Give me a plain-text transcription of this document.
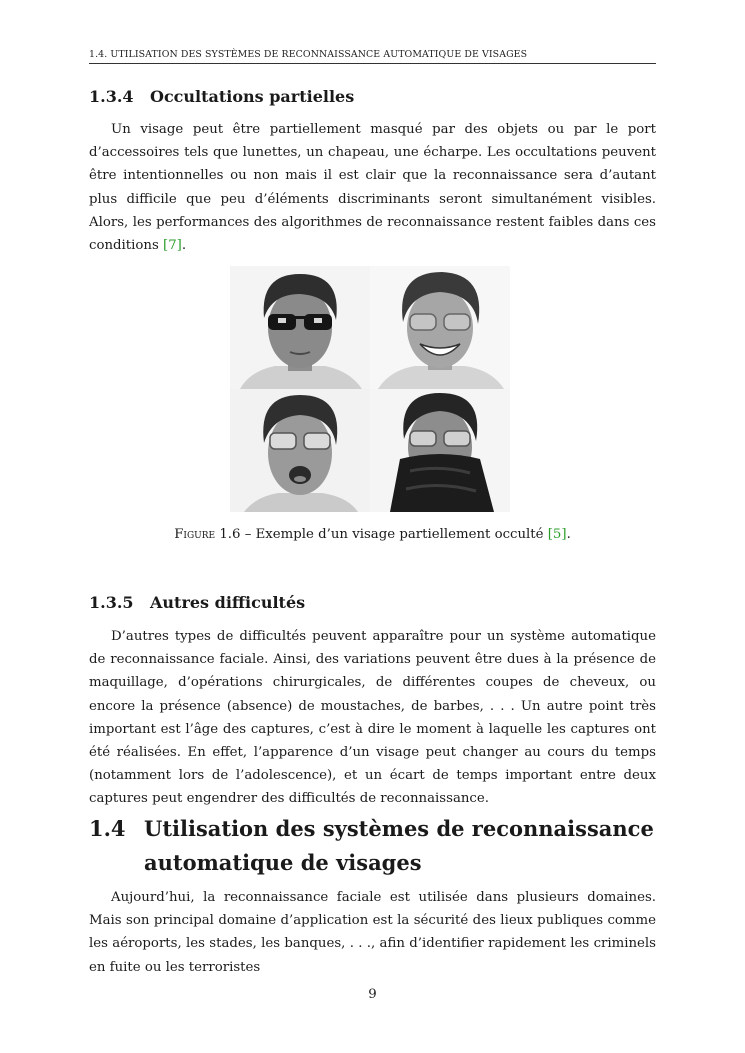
1.4. UTILISATION DES SYSTÈMES DE RECONNAISSANCE AUTOMATIQUE DE VISAGES
1.3.4 Occultations partielles

Un visage peut être partiellement masqué par des objets ou par le port d’accessoires tels que lunettes, un chapeau, une écharpe. Les occultations peuvent être intentionnelles ou non mais il est clair que la reconnaissance sera d’autant plus difficile que peu d’éléments discriminants seront simultanément visibles. Alors, les performances des algorithmes de reconnaissance restent faibles dans ces conditions [7].

Figure 1.6 – Exemple d’un visage partiellement occulté [5].
1.3.5 Autres difficultés

D’autres types de difficultés peuvent apparaître pour un système automatique de reconnaissance faciale. Ainsi, des variations peuvent être dues à la présence de maquillage, d’opérations chirurgicales, de différentes coupes de cheveux, ou encore la présence (absence) de moustaches, de barbes, . . . Un autre point très important est l’âge des captures, c’est à dire le moment à laquelle les captures ont été réalisées. En effet, l’apparence d’un visage peut changer au cours du temps (notamment lors de l’adolescence), et un écart de temps important entre deux captures peut engendrer des difficultés de reconnaissance.

1.4 Utilisation des systèmes de reconnaissance automatique de visages

Aujourd’hui, la reconnaissance faciale est utilisée dans plusieurs domaines. Mais son principal domaine d’application est la sécurité des lieux publiques comme les aéroports, les stades, les banques, . . ., afin d’identifier rapidement les criminels en fuite ou les terroristes

9
